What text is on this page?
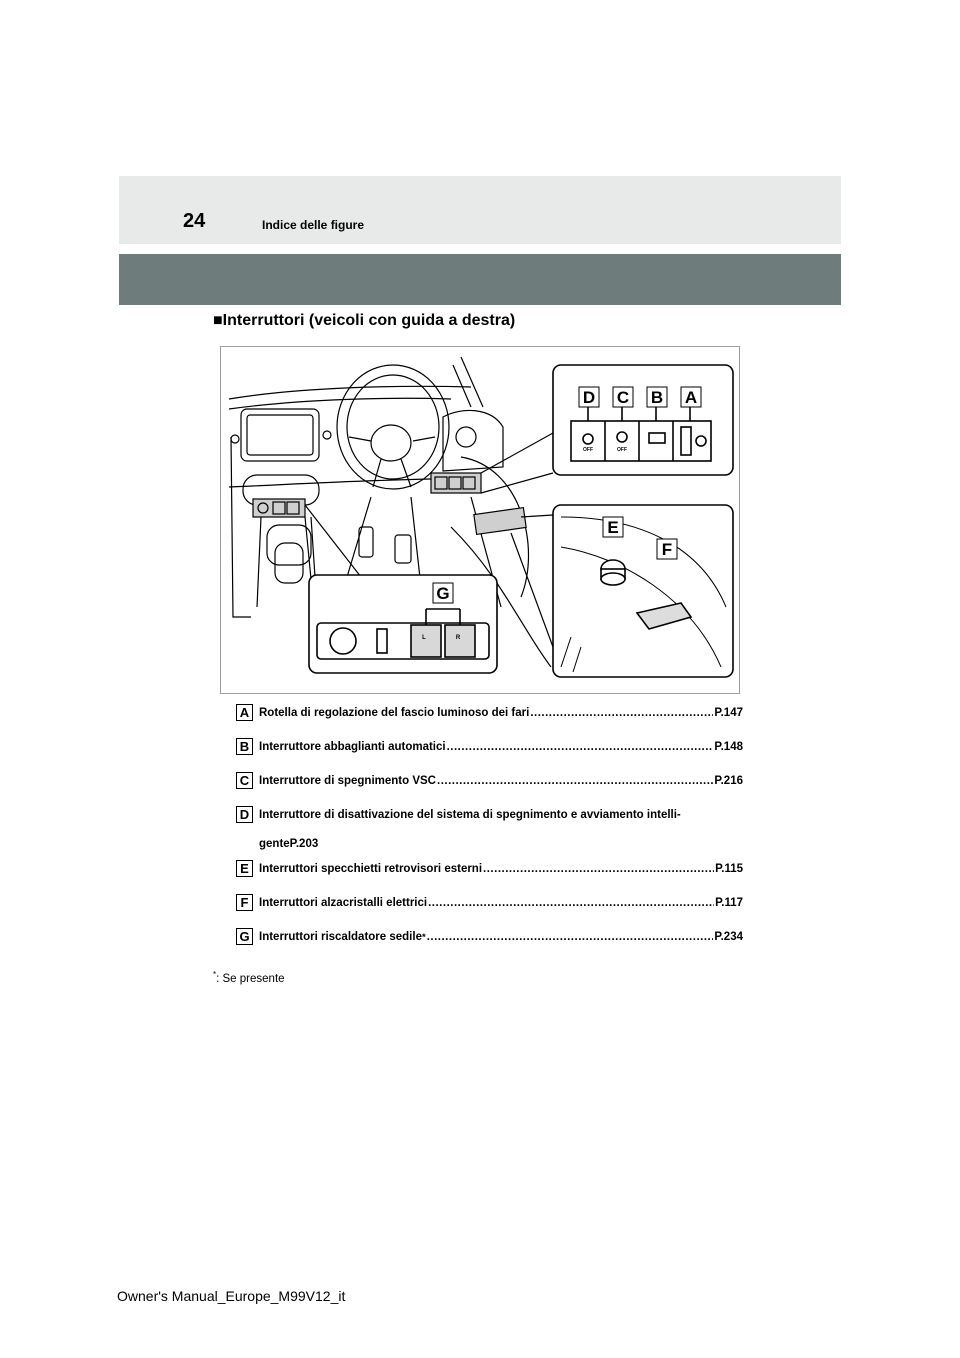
24	Indice delle figure
■Interruttori (veicoli con guida a destra)
D C B A
OFF	OFF
E
F
G
L	R
A Rotella di regolazione del fascio luminoso dei fari .....	P.147
B Interruttore abbaglianti automatici .....	P.148
C Interruttore di spegnimento VSC .....	P.216
D Interruttore di disattivazione del sistema di spegnimento e avviamento intelli-
genteP.203
E Interruttori specchietti retrovisori esterni .....	P.115
F Interruttori alzacristalli elettrici .....	P.117
G Interruttori riscaldatore sedile * .....	P.234
*: Se presente
Owner's Manual_Europe_M99V12_it
